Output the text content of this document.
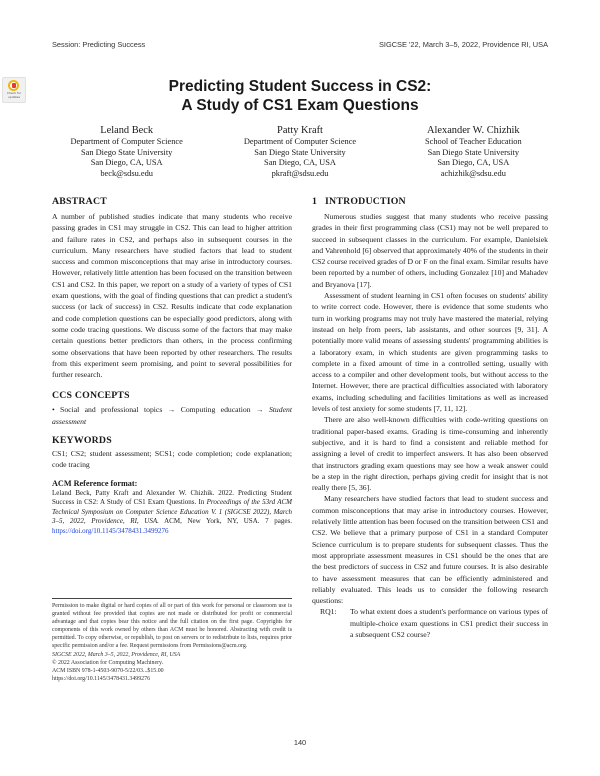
Session: Predicting Success	SIGCSE '22, March 3–5, 2022, Providence RI, USA
Check for updates
Predicting Student Success in CS2:
A Study of CS1 Exam Questions
Leland Beck
Department of Computer Science
San Diego State University
San Diego, CA, USA
beck@sdsu.edu
Patty Kraft
Department of Computer Science
San Diego State University
San Diego, CA, USA
pkraft@sdsu.edu
Alexander W. Chizhik
School of Teacher Education
San Diego State University
San Diego, CA, USA
achizhik@sdsu.edu
ABSTRACT

A number of published studies indicate that many students who receive passing grades in CS1 may struggle in CS2. This can lead to higher attrition and failure rates in CS2, and perhaps also in subsequent courses in the curriculum. Many researchers have studied factors that lead to student success and common misconceptions that may arise in introductory courses. However, relatively little attention has been focused on the transition between CS1 and CS2. In this paper, we report on a study of a variety of types of CS1 exam questions, with the goal of finding questions that can predict a student's success (or lack of success) in CS2. Results indicate that code explanation and code completion questions can be especially good predictors, along with some code tracing questions. We discuss some of the factors that may make certain questions better predictors than others, in the process confirming some observations that have been reported by other researchers. The results from this experiment seem promising, and point to several possibilities for further research.

CCS CONCEPTS

• Social and professional topics → Computing education → Student assessment

KEYWORDS

CS1; CS2; student assessment; SCS1; code completion; code explanation; code tracing

ACM Reference format:

Leland Beck, Patty Kraft and Alexander W. Chizhik. 2022. Predicting Student Success in CS2: A Study of CS1 Exam Questions. In Proceedings of the 53rd ACM Technical Symposium on Computer Science Education V. 1 (SIGCSE 2022), March 3–5, 2022, Providence, RI, USA. ACM, New York, NY, USA. 7 pages. https://doi.org/10.1145/3478431.3499276

Permission to make digital or hard copies of all or part of this work for personal or classroom use is granted without fee provided that copies are not made or distributed for profit or commercial advantage and that copies bear this notice and the full citation on the first page. Copyrights for components of this work owned by others than ACM must be honored. Abstracting with credit is permitted. To copy otherwise, or republish, to post on servers or to redistribute to lists, requires prior specific permission and/or a fee. Request permissions from Permissions@acm.org.

SIGCSE 2022, March 3–5, 2022, Providence, RI, USA

© 2022 Association for Computing Machinery.

ACM ISBN 978-1-4503-9070-5/22/03...$15.00

https://doi.org/10.1145/3478431.3499276

1   INTRODUCTION

Numerous studies suggest that many students who receive passing grades in their first programming class (CS1) may not be well prepared to succeed in subsequent classes in the curriculum. For example, Danielsiek and Vahrenhold [6] observed that approximately 40% of the students in their CS2 course received grades of D or F on the final exam. Similar results have been reported by a number of others, including Gonzalez [10] and Mahadev and Bryanova [17].

Assessment of student learning in CS1 often focuses on students' ability to write correct code. However, there is evidence that some students who turn in working programs may not truly have mastered the material, relying instead on help from peers, lab assistants, and other sources [9, 31]. A potentially more valid means of assessing students' programming abilities is a laboratory exam, in which students are given programming tasks to complete in a fixed amount of time in a controlled setting, usually with access to a compiler and other development tools, but without access to the Internet. However, there are practical difficulties associated with laboratory exams, including scheduling and facilities limitations as well as increased levels of test anxiety for some students [7, 11, 12].

There are also well-known difficulties with code-writing questions on traditional paper-based exams. Grading is time-consuming and inherently subjective, and it is hard to find a consistent and reliable method for assigning a level of credit to imperfect answers. It has also been observed that instructors grading exam questions may see how a weak answer could be a step in the right direction, perhaps giving credit for insight that is not really there [5, 36].

Many researchers have studied factors that lead to student success and common misconceptions that may arise in introductory courses. However, relatively little attention has been focused on the transition between CS1 and CS2. We believe that a primary purpose of CS1 in a standard Computer Science curriculum is to prepare students for subsequent classes. Thus the most appropriate assessment measures in CS1 should be the ones that are the best predictors of success in CS2 and future courses. It is also desirable to have assessment measures that can be efficiently administered and reliably evaluated. This leads us to consider the following research questions:

RQ1:	To what extent does a student's performance on various types of multiple-choice exam questions in CS1 predict their success in a subsequent CS2 course?
140
